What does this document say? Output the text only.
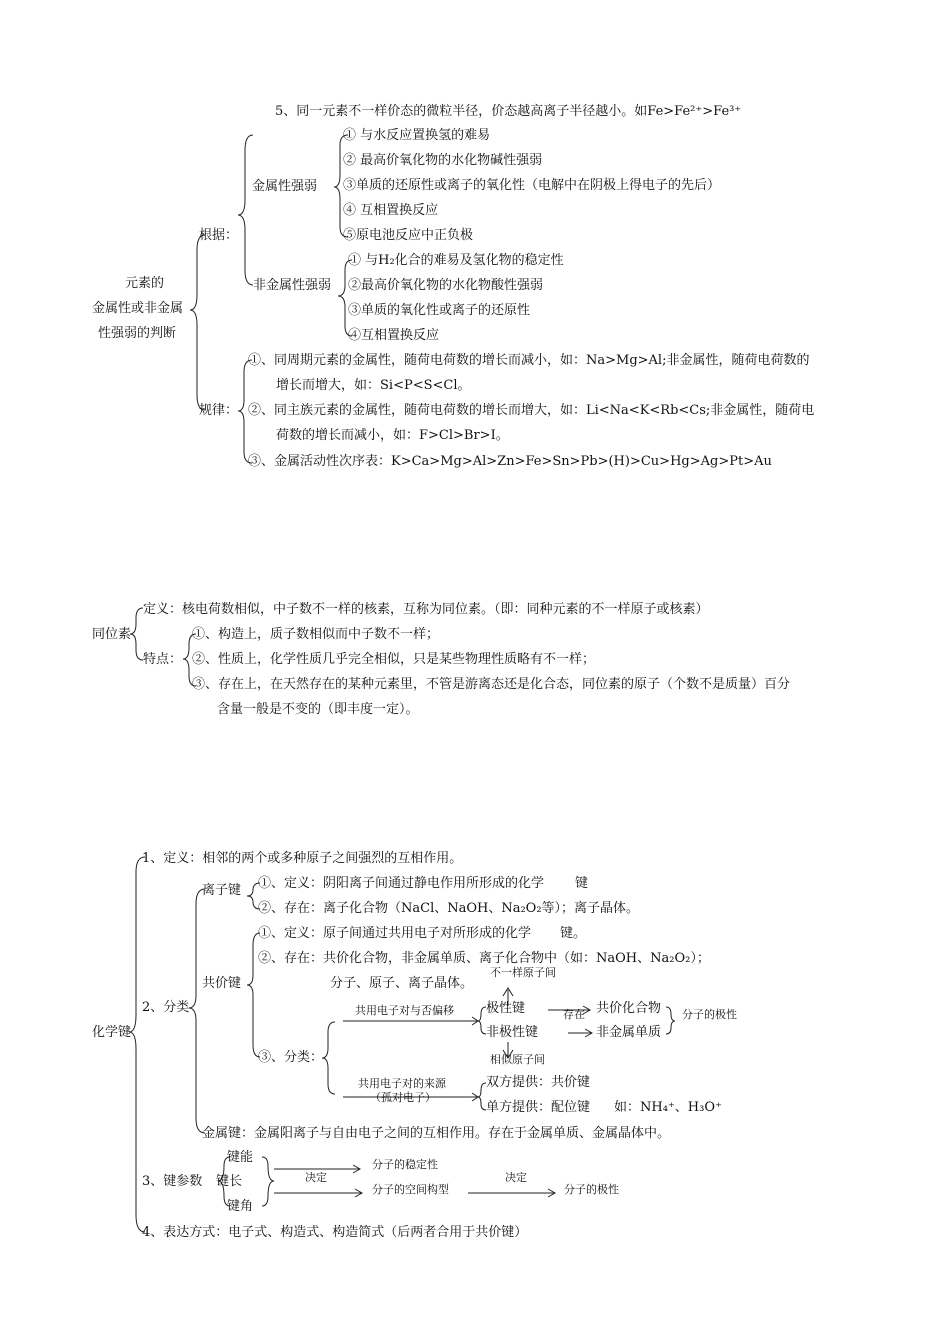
5、同一元素不一样价态的微粒半径，价态越高离子半径越小。如Fe>Fe²⁺>Fe³⁺
元素的
金属性或非金属
性强弱的判断
根据：
金属性强弱
① 与水反应置换氢的难易
② 最高价氧化物的水化物碱性强弱
③单质的还原性或离子的氧化性（电解中在阴极上得电子的先后）
④ 互相置换反应
⑤原电池反应中正负极
非金属性强弱
① 与H₂化合的难易及氢化物的稳定性
②最高价氧化物的水化物酸性强弱
③单质的氧化性或离子的还原性
④互相置换反应
规律：
①、同周期元素的金属性，随荷电荷数的增长而减小，如：Na>Mg>Al;非金属性，随荷电荷数的
增长而增大，如：Si<P<S<Cl。
②、同主族元素的金属性，随荷电荷数的增长而增大，如：Li<Na<K<Rb<Cs;非金属性，随荷电
荷数的增长而减小，如：F>Cl>Br>I。
③、金属活动性次序表：K>Ca>Mg>Al>Zn>Fe>Sn>Pb>(H)>Cu>Hg>Ag>Pt>Au
同位素
定义：核电荷数相似，中子数不一样的核素，互称为同位素。（即：同种元素的不一样原子或核素）
特点：
①、构造上，质子数相似而中子数不一样；
②、性质上，化学性质几乎完全相似，只是某些物理性质略有不一样；
③、存在上，在天然存在的某种元素里，不管是游离态还是化合态，同位素的原子（个数不是质量）百分
含量一般是不变的（即丰度一定）。
化学键
1、定义：相邻的两个或多种原子之间强烈的互相作用。
2、分类
离子键 ①、定义：阴阳离子间通过静电作用所形成的化学 键
②、存在：离子化合物（NaCl、NaOH、Na₂O₂等）；离子晶体。
共价键
①、定义：原子间通过共用电子对所形成的化学 键。
②、存在：共价化合物，非金属单质、离子化合物中（如：NaOH、Na₂O₂）；
分子、原子、离子晶体。
③、分类：
共用电子对与否偏移
不一样原子间
极性键
非极性键
相似原子间
存在 共价化合物
非金属单质
分子的极性
共用电子对的来源
（孤对电子）
双方提供：共价键
单方提供：配位键 如：NH₄⁺、H₃O⁺
金属键：金属阳离子与自由电子之间的互相作用。存在于金属单质、金属晶体中。
3、键参数
键能
键长
键角
决定
分子的稳定性
分子的空间构型
决定
分子的极性
4、表达方式：电子式、构造式、构造简式（后两者合用于共价键）
